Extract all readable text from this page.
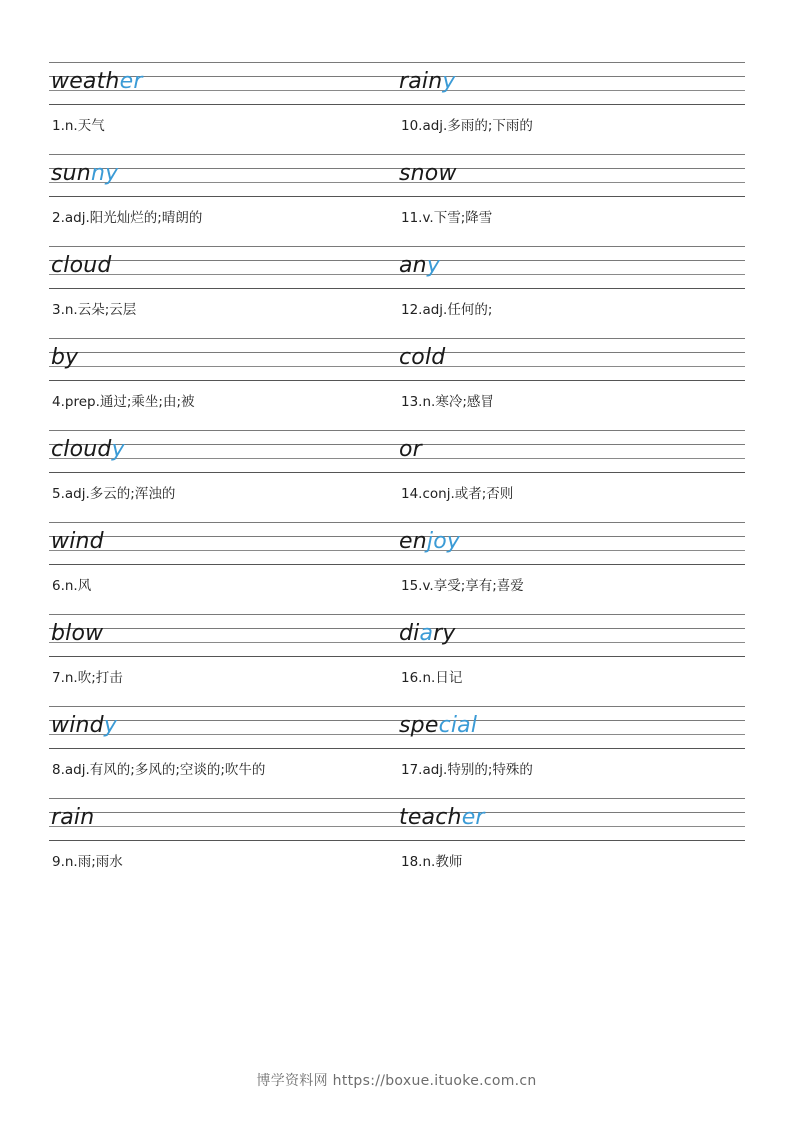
weather
1.n.天气
rainy
10.adj.多雨的;下雨的
sunny
2.adj.阳光灿烂的;晴朗的
snow
11.v.下雪;降雪
cloud
3.n.云朵;云层
any
12.adj.任何的;
by
4.prep.通过;乘坐;由;被
cold
13.n.寒冷;感冒
cloudy
5.adj.多云的;浑浊的
or
14.conj.或者;否则
wind
6.n.风
enjoy
15.v.享受;享有;喜爱
blow
7.n.吹;打击
diary
16.n.日记
windy
8.adj.有风的;多风的;空谈的;吹牛的
special
17.adj.特别的;特殊的
rain
9.n.雨;雨水
teacher
18.n.教师
博学资料网 https://boxue.ituoke.com.cn
